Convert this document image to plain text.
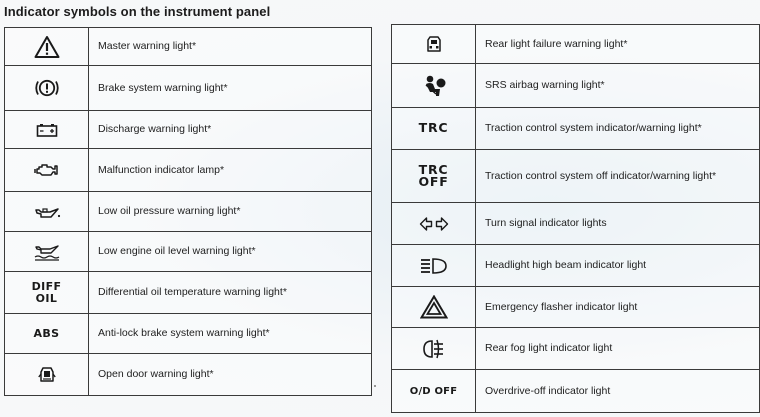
Indicator symbols on the instrument panel
	Master warning light*

	Brake system warning light*

	Discharge warning light*

	Malfunction indicator lamp*

	Low oil pressure warning light*

	Low engine oil level warning light*

DIFF
OIL	Differential oil temperature warning light*

ABS	Anti-lock brake system warning light*

	Open door warning light*
	Rear light failure warning light*

	SRS airbag warning light*

TRC	Traction control system indicator/warning light*

TRC
OFF	Traction control system off indicator/warning light*

	Turn signal indicator lights

	Headlight high beam indicator light

	Emergency flasher indicator light

	Rear fog light indicator light

O/D OFF	Overdrive-off indicator light
